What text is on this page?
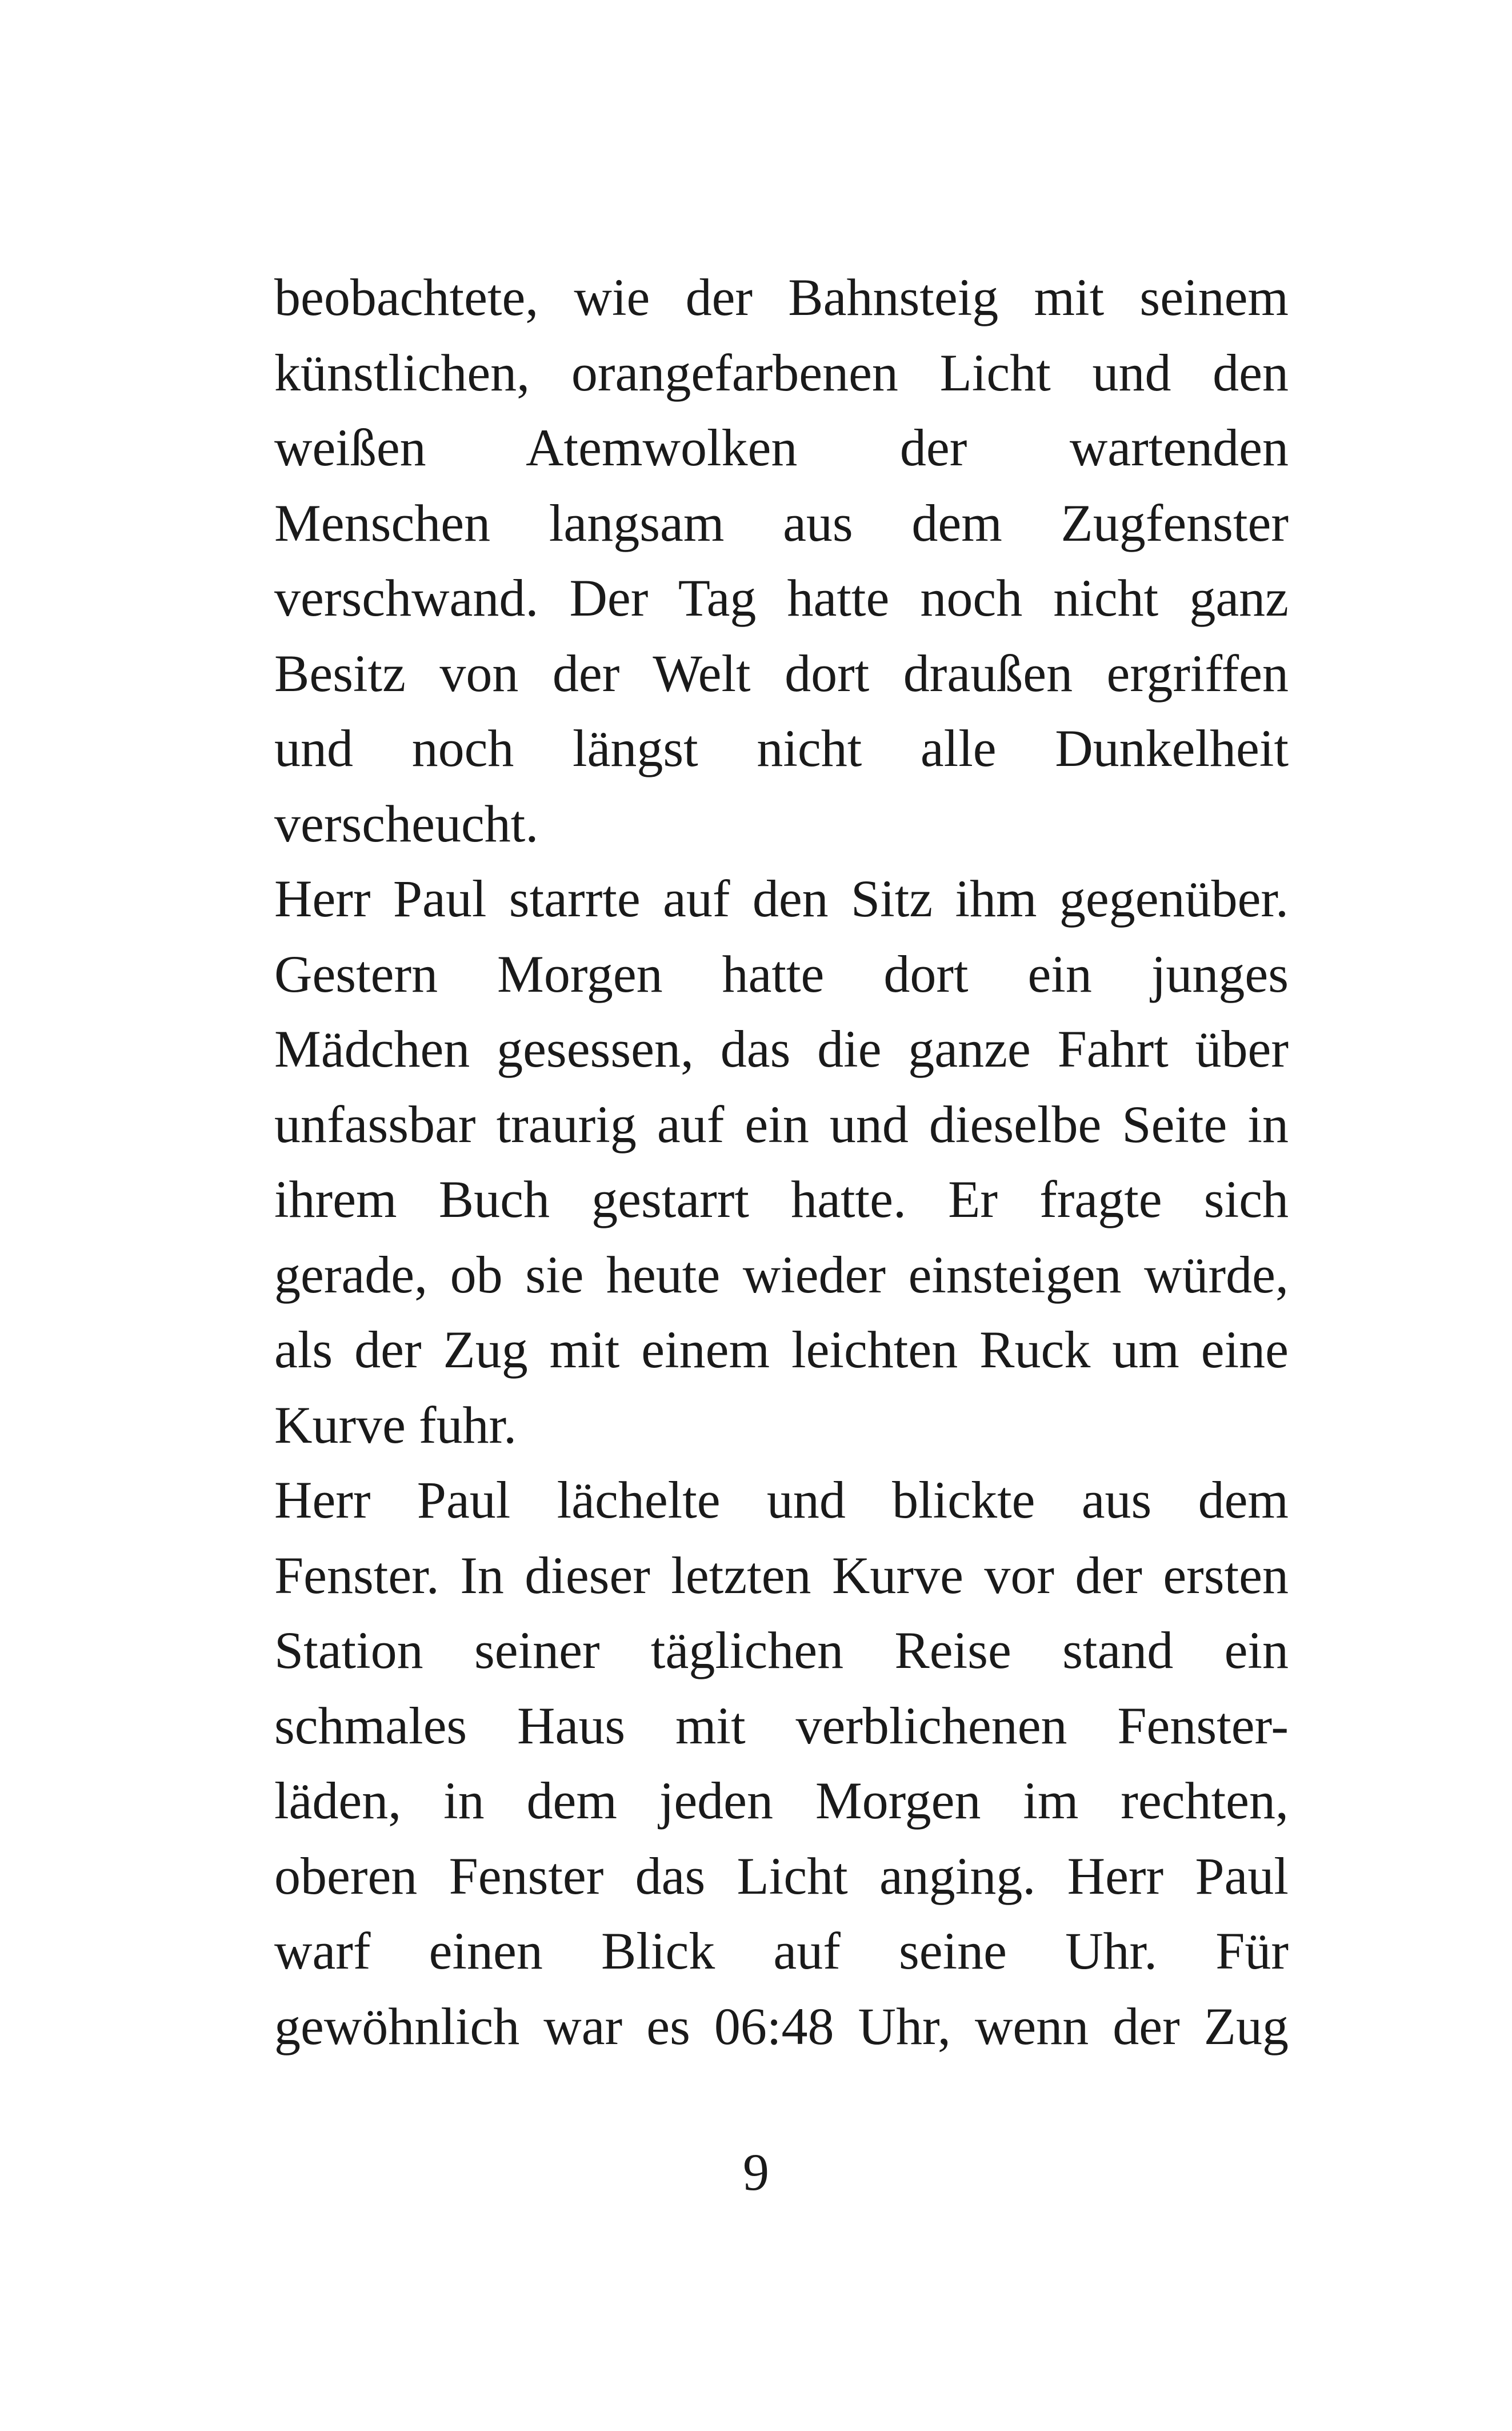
beobachtete, wie der Bahnsteig mit seinem
künstlichen, orangefarbenen Licht und den
weißen Atemwolken der wartenden
Menschen langsam aus dem Zugfenster
verschwand. Der Tag hatte noch nicht ganz
Besitz von der Welt dort draußen ergriffen
und noch längst nicht alle Dunkelheit
verscheucht.
Herr Paul starrte auf den Sitz ihm gegenüber.
Gestern Morgen hatte dort ein junges
Mädchen gesessen, das die ganze Fahrt über
unfassbar traurig auf ein und dieselbe Seite in
ihrem Buch gestarrt hatte. Er fragte sich
gerade, ob sie heute wieder einsteigen würde,
als der Zug mit einem leichten Ruck um eine
Kurve fuhr.
Herr Paul lächelte und blickte aus dem
Fenster. In dieser letzten Kurve vor der ersten
Station seiner täglichen Reise stand ein
schmales Haus mit verblichenen Fenster-
läden, in dem jeden Morgen im rechten,
oberen Fenster das Licht anging. Herr Paul
warf einen Blick auf seine Uhr. Für
gewöhnlich war es 06:48 Uhr, wenn der Zug
9
